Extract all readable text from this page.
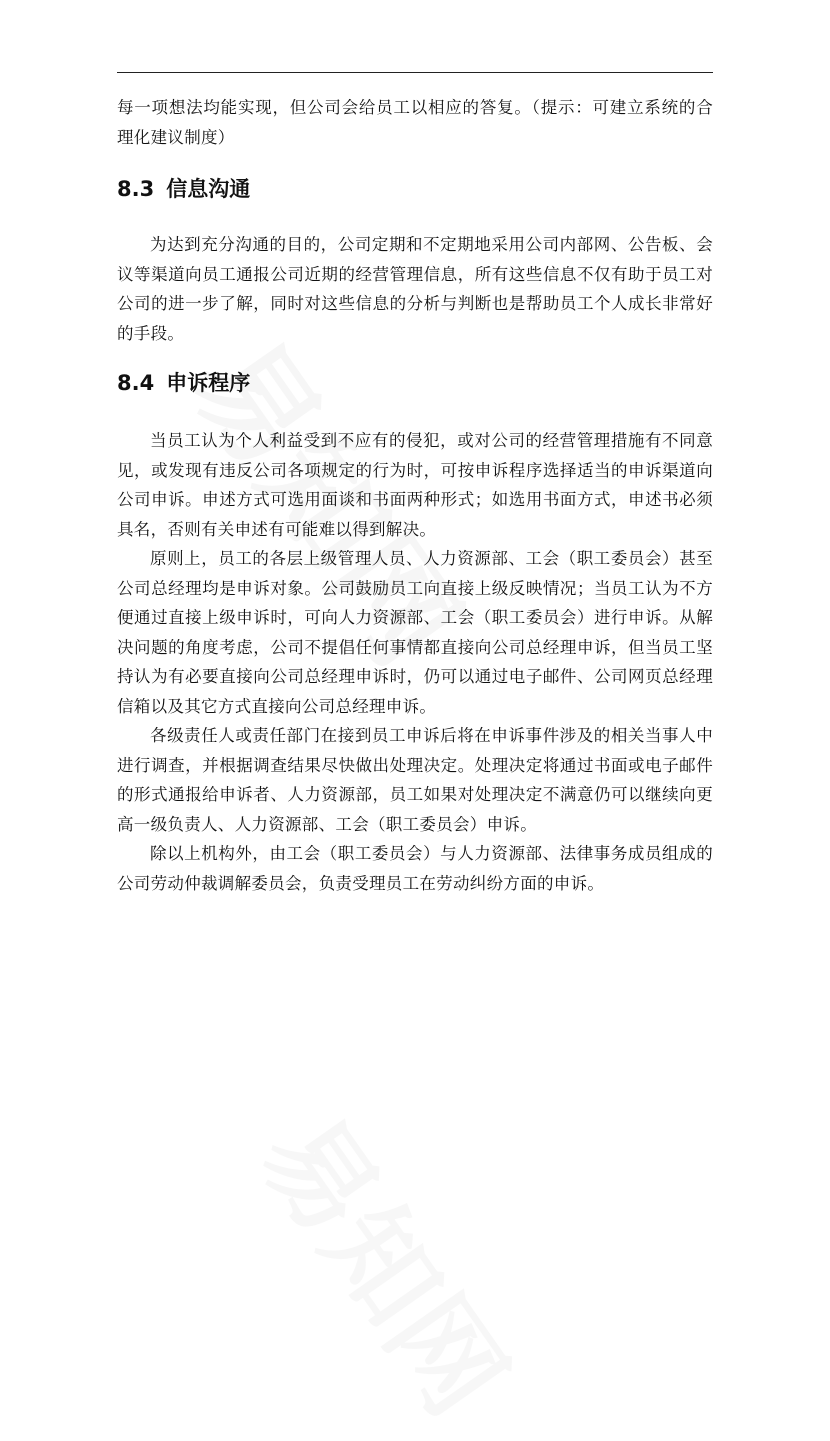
每一项想法均能实现，但公司会给员工以相应的答复。（提示：可建立系统的合理化建议制度）

8.3 信息沟通

为达到充分沟通的目的，公司定期和不定期地采用公司内部网、公告板、会议等渠道向员工通报公司近期的经营管理信息，所有这些信息不仅有助于员工对公司的进一步了解，同时对这些信息的分析与判断也是帮助员工个人成长非常好的手段。

8.4 申诉程序

当员工认为个人利益受到不应有的侵犯，或对公司的经营管理措施有不同意见，或发现有违反公司各项规定的行为时，可按申诉程序选择适当的申诉渠道向公司申诉。申述方式可选用面谈和书面两种形式；如选用书面方式，申述书必须具名，否则有关申述有可能难以得到解决。

原则上，员工的各层上级管理人员、人力资源部、工会（职工委员会）甚至公司总经理均是申诉对象。公司鼓励员工向直接上级反映情况；当员工认为不方便通过直接上级申诉时，可向人力资源部、工会（职工委员会）进行申诉。从解决问题的角度考虑，公司不提倡任何事情都直接向公司总经理申诉，但当员工坚持认为有必要直接向公司总经理申诉时，仍可以通过电子邮件、公司网页总经理信箱以及其它方式直接向公司总经理申诉。

各级责任人或责任部门在接到员工申诉后将在申诉事件涉及的相关当事人中进行调查，并根据调查结果尽快做出处理决定。处理决定将通过书面或电子邮件的形式通报给申诉者、人力资源部，员工如果对处理决定不满意仍可以继续向更高一级负责人、人力资源部、工会（职工委员会）申诉。

除以上机构外，由工会（职工委员会）与人力资源部、法律事务成员组成的公司劳动仲裁调解委员会，负责受理员工在劳动纠纷方面的申诉。
